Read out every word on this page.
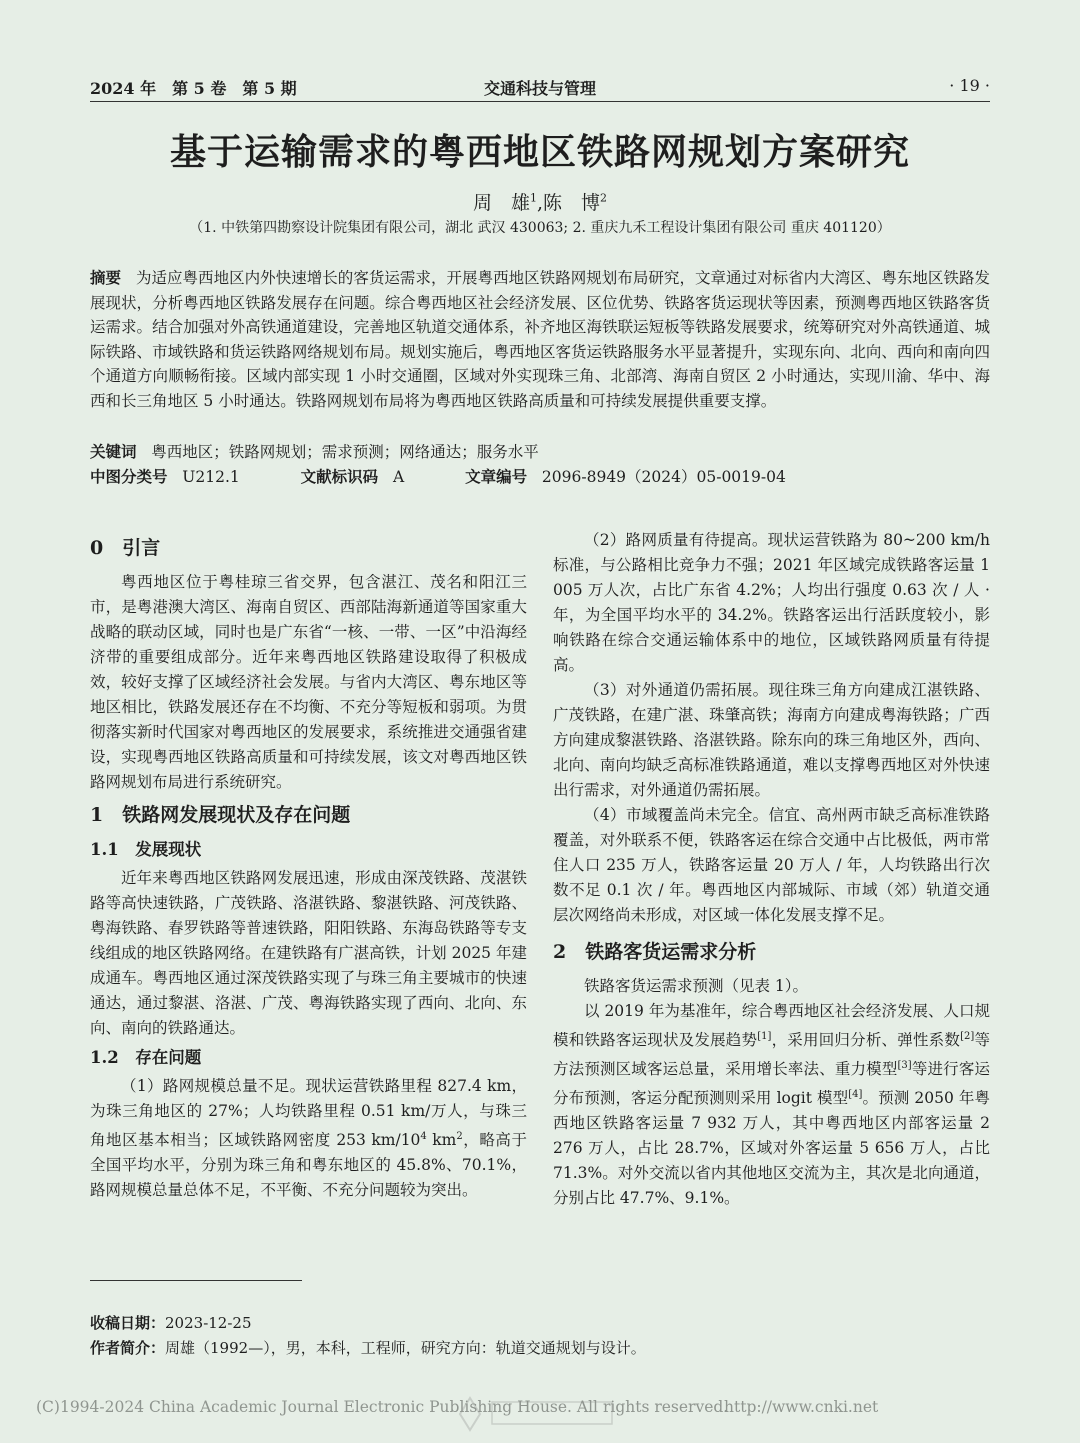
2024 年　第 5 卷　第 5 期	交通科技与管理	· 19 ·
基于运输需求的粤西地区铁路网规划方案研究
周　雄$^1$,陈　博$^2$
（1. 中铁第四勘察设计院集团有限公司，湖北 武汉 430063; 2. 重庆九禾工程设计集团有限公司 重庆 401120）
摘要 为适应粤西地区内外快速增长的客货运需求，开展粤西地区铁路网规划布局研究，文章通过对标省内大湾区、粤东地区铁路发展现状，分析粤西地区铁路发展存在问题。综合粤西地区社会经济发展、区位优势、铁路客货运现状等因素，预测粤西地区铁路客货运需求。结合加强对外高铁通道建设，完善地区轨道交通体系，补齐地区海铁联运短板等铁路发展要求，统筹研究对外高铁通道、城际铁路、市域铁路和货运铁路网络规划布局。规划实施后，粤西地区客货运铁路服务水平显著提升，实现东向、北向、西向和南向四个通道方向顺畅衔接。区域内部实现 1 小时交通圈，区域对外实现珠三角、北部湾、海南自贸区 2 小时通达，实现川渝、华中、海西和长三角地区 5 小时通达。铁路网规划布局将为粤西地区铁路高质量和可持续发展提供重要支撑。
关键词 粤西地区；铁路网规划；需求预测；网络通达；服务水平
中图分类号 U212.1	文献标识码 A	文章编号 2096-8949（2024）05-0019-04
0　引言

粤西地区位于粤桂琼三省交界，包含湛江、茂名和阳江三市，是粤港澳大湾区、海南自贸区、西部陆海新通道等国家重大战略的联动区域，同时也是广东省“一核、一带、一区”中沿海经济带的重要组成部分。近年来粤西地区铁路建设取得了积极成效，较好支撑了区域经济社会发展。与省内大湾区、粤东地区等地区相比，铁路发展还存在不均衡、不充分等短板和弱项。为贯彻落实新时代国家对粤西地区的发展要求，系统推进交通强省建设，实现粤西地区铁路高质量和可持续发展，该文对粤西地区铁路网规划布局进行系统研究。

1　铁路网发展现状及存在问题
1.1　发展现状

近年来粤西地区铁路网发展迅速，形成由深茂铁路、茂湛铁路等高快速铁路，广茂铁路、洛湛铁路、黎湛铁路、河茂铁路、粤海铁路、春罗铁路等普速铁路，阳阳铁路、东海岛铁路等专支线组成的地区铁路网络。在建铁路有广湛高铁，计划 2025 年建成通车。粤西地区通过深茂铁路实现了与珠三角主要城市的快速通达，通过黎湛、洛湛、广茂、粤海铁路实现了西向、北向、东向、南向的铁路通达。

1.2　存在问题

（1）路网规模总量不足。现状运营铁路里程 827.4 km，为珠三角地区的 27%；人均铁路里程 0.51 km/万人，与珠三角地区基本相当；区域铁路网密度 253 $km/10^4$ $km^2$，略高于全国平均水平，分别为珠三角和粤东地区的 45.8%、70.1%，路网规模总量总体不足，不平衡、不充分问题较为突出。

（2）路网质量有待提高。现状运营铁路为 80~200 km/h 标准，与公路相比竞争力不强；2021 年区域完成铁路客运量 1 005 万人次，占比广东省 4.2%；人均出行强度 0.63 次 / 人 · 年，为全国平均水平的 34.2%。铁路客运出行活跃度较小，影响铁路在综合交通运输体系中的地位，区域铁路网质量有待提高。

（3）对外通道仍需拓展。现往珠三角方向建成江湛铁路、广茂铁路，在建广湛、珠肇高铁；海南方向建成粤海铁路；广西方向建成黎湛铁路、洛湛铁路。除东向的珠三角地区外，西向、北向、南向均缺乏高标准铁路通道，难以支撑粤西地区对外快速出行需求，对外通道仍需拓展。

（4）市域覆盖尚未完全。信宜、高州两市缺乏高标准铁路覆盖，对外联系不便，铁路客运在综合交通中占比极低，两市常住人口 235 万人，铁路客运量 20 万人 / 年，人均铁路出行次数不足 0.1 次 / 年。粤西地区内部城际、市域（郊）轨道交通层次网络尚未形成，对区域一体化发展支撑不足。

2　铁路客货运需求分析

铁路客货运需求预测（见表 1）。

以 2019 年为基准年，综合粤西地区社会经济发展、人口规模和铁路客运现状及发展趋势[1]，采用回归分析、弹性系数[2]等方法预测区域客运总量，采用增长率法、重力模型[3]等进行客运分布预测，客运分配预测则采用 logit 模型[4]。预测 2050 年粤西地区铁路客运量 7 932 万人，其中粤西地区内部客运量 2 276 万人，占比 28.7%，区域对外客运量 5 656 万人，占比 71.3%。对外交流以省内其他地区交流为主，其次是北向通道，分别占比 47.7%、9.1%。

收稿日期：2023-12-25
作者简介：周雄（1992—），男，本科，工程师，研究方向：轨道交通规划与设计。
(C)1994-2024 China Academic Journal Electronic Publishing House. All rights reserved.
http://www.cnki.net
